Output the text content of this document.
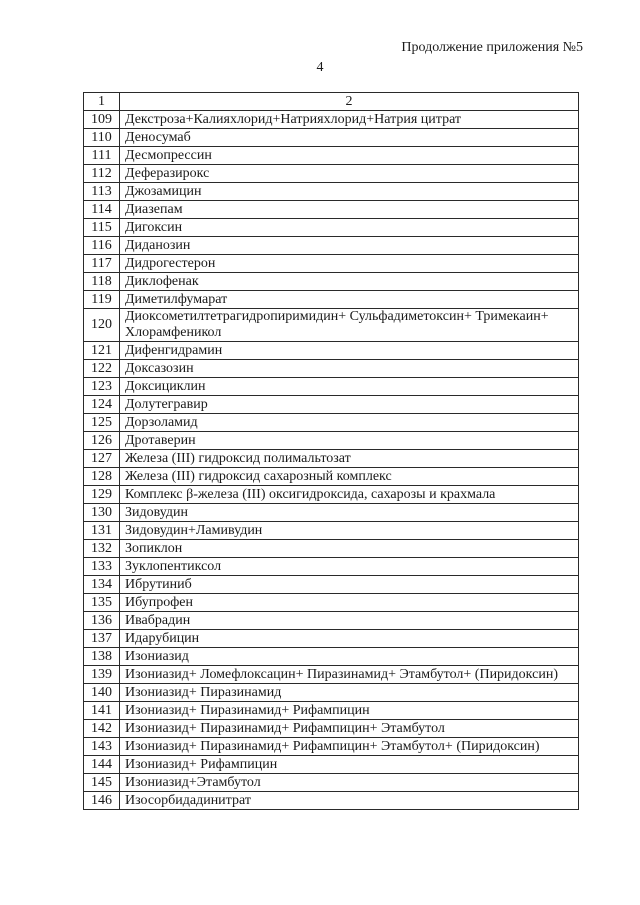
Продолжение приложения №5
4
1	2
109	Декстроза+Калияхлорид+Натрияхлорид+Натрия цитрат
110	Деносумаб
111	Десмопрессин
112	Деферазирокс
113	Джозамицин
114	Диазепам
115	Дигоксин
116	Диданозин
117	Дидрогестерон
118	Диклофенак
119	Диметилфумарат
120	Диоксометилтетрагидропиримидин+ Сульфадиметоксин+ Тримекаин+ Хлорамфеникол
121	Дифенгидрамин
122	Доксазозин
123	Доксициклин
124	Долутегравир
125	Дорзоламид
126	Дротаверин
127	Железа (III) гидроксид полимальтозат
128	Железа (III) гидроксид сахарозный комплекс
129	Комплекс β-железа (III) оксигидроксида, сахарозы и крахмала
130	Зидовудин
131	Зидовудин+Ламивудин
132	Зопиклон
133	Зуклопентиксол
134	Ибрутиниб
135	Ибупрофен
136	Ивабрадин
137	Идарубицин
138	Изониазид
139	Изониазид+ Ломефлоксацин+ Пиразинамид+ Этамбутол+ (Пиридоксин)
140	Изониазид+ Пиразинамид
141	Изониазид+ Пиразинамид+ Рифампицин
142	Изониазид+ Пиразинамид+ Рифампицин+ Этамбутол
143	Изониазид+ Пиразинамид+ Рифампицин+ Этамбутол+ (Пиридоксин)
144	Изониазид+ Рифампицин
145	Изониазид+Этамбутол
146	Изосорбидадинитрат
